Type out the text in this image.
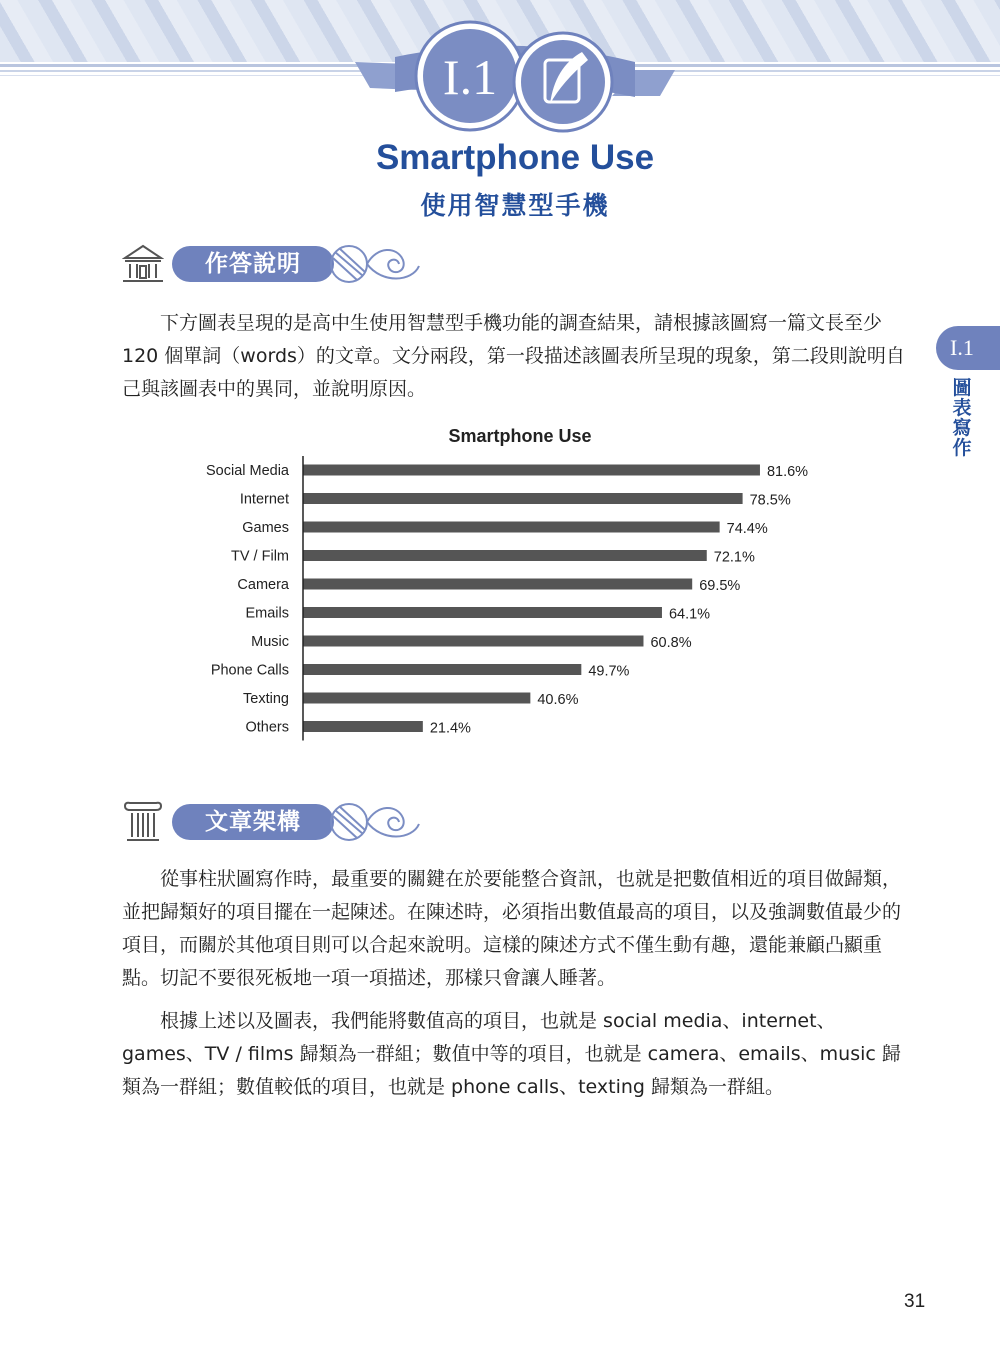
I.1
Smartphone Use
使用智慧型手機
作答說明

下方圖表呈現的是高中生使用智慧型手機功能的調查結果，請根據該圖寫一篇文長至少 120 個單詞（words）的文章。文分兩段，第一段描述該圖表所呈現的現象，第二段則說明自己與該圖表中的異同，並說明原因。

Smartphone Use
Social Media	81.6%
Internet	78.5%
Games	74.4%
TV / Film	72.1%
Camera	69.5%
Emails	64.1%
Music	60.8%
Phone Calls	49.7%
Texting	40.6%
Others	21.4%
文章架構

從事柱狀圖寫作時，最重要的關鍵在於要能整合資訊，也就是把數值相近的項目做歸類，並把歸類好的項目擺在一起陳述。在陳述時，必須指出數值最高的項目，以及強調數值最少的項目，而關於其他項目則可以合起來說明。這樣的陳述方式不僅生動有趣，還能兼顧凸顯重點。切記不要很死板地一項一項描述，那樣只會讓人睡著。

根據上述以及圖表，我們能將數值高的項目，也就是 social media、internet、games、TV / films 歸類為一群組；數值中等的項目，也就是 camera、emails、music 歸類為一群組；數值較低的項目，也就是 phone calls、texting 歸類為一群組。

I.1
圖表寫作
31
